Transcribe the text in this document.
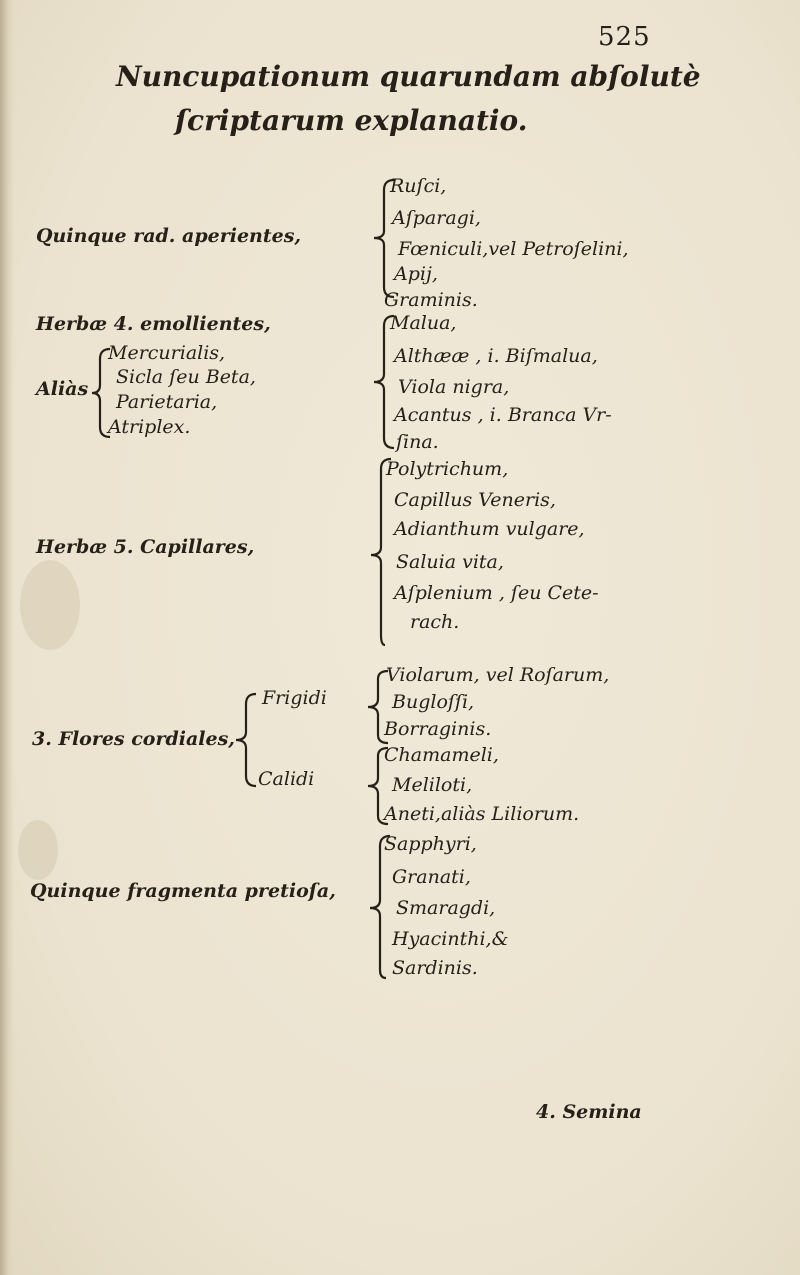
525
Nuncupationum quarundam abſolutè
ſcriptarum explanatio.
Quinque rad. aperientes,
Herbæ 4. emollientes,
Aliàs
Mercurialis,
Sicla ſeu Beta,
Parietaria,
Atriplex.
Herbæ 5. Capillares,
3. Flores cordiales,
Frigidi
Calidi
Quinque fragmenta pretioſa,
Ruſci,
Aſparagi,
Fœniculi,vel Petroſelini,
Apij,
Graminis.
Malua,
Althææ , i. Biſmalua,
Viola nigra,
Acantus , i. Branca Vr-
ſina.
Polytrichum,
Capillus Veneris,
Adianthum vulgare,
Saluia vita,
Aſplenium , ſeu Cete-
rach.
Violarum, vel Roſarum,
Bugloſſi,
Borraginis.
Chamameli,
Meliloti,
Aneti,aliàs Liliorum.
Sapphyri,
Granati,
Smaragdi,
Hyacinthi,&
Sardinis.
4. Semina
